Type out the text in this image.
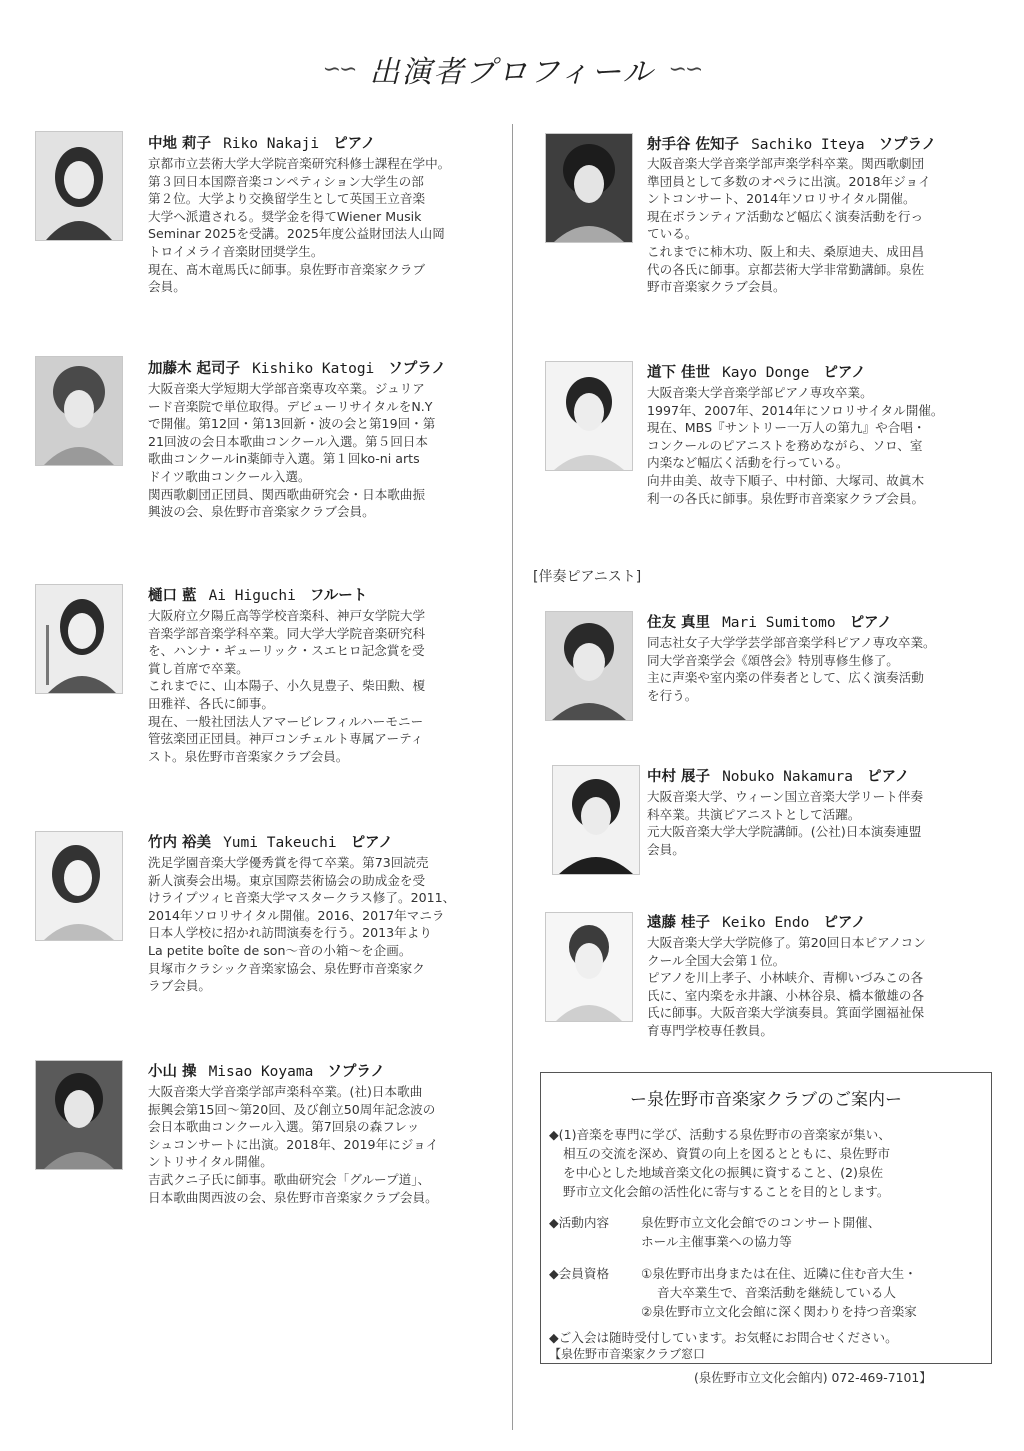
∽∽ 出演者プロフィール ∽∽
中地 莉子 Riko Nakaji ピアノ
京都市立芸術大学大学院音楽研究科修士課程在学中。
第３回日本国際音楽コンペティション大学生の部
第２位。大学より交換留学生として英国王立音楽
大学へ派遣される。奨学金を得てWiener Musik
Seminar 2025を受講。2025年度公益財団法人山岡
トロイメライ音楽財団奨学生。
現在、髙木竜馬氏に師事。泉佐野市音楽家クラブ
会員。
加藤木 起司子 Kishiko Katogi ソプラノ
大阪音楽大学短期大学部音楽専攻卒業。ジュリア
ード音楽院で単位取得。デビューリサイタルをN.Y
で開催。第12回・第13回新・波の会と第19回・第
21回波の会日本歌曲コンクール入選。第５回日本
歌曲コンクールin薬師寺入選。第１回ko-ni arts
ドイツ歌曲コンクール入選。
関西歌劇団正団員、関西歌曲研究会・日本歌曲振
興波の会、泉佐野市音楽家クラブ会員。
樋口 藍 Ai Higuchi フルート
大阪府立夕陽丘高等学校音楽科、神戸女学院大学
音楽学部音楽学科卒業。同大学大学院音楽研究科
を、ハンナ・ギューリック・スエヒロ記念賞を受
賞し首席で卒業。
これまでに、山本陽子、小久見豊子、柴田勲、榎
田雅祥、各氏に師事。
現在、一般社団法人アマービレフィルハーモニー
管弦楽団正団員。神戸コンチェルト専属アーティ
スト。泉佐野市音楽家クラブ会員。
竹内 裕美 Yumi Takeuchi ピアノ
洗足学園音楽大学優秀賞を得て卒業。第73回読売
新人演奏会出場。東京国際芸術協会の助成金を受
けライプツィヒ音楽大学マスタークラス修了。2011、
2014年ソロリサイタル開催。2016、2017年マニラ
日本人学校に招かれ訪問演奏を行う。2013年より
La petite boîte de son〜音の小箱〜を企画。
貝塚市クラシック音楽家協会、泉佐野市音楽家ク
ラブ会員。
小山 操 Misao Koyama ソプラノ
大阪音楽大学音楽学部声楽科卒業。(社)日本歌曲
振興会第15回〜第20回、及び創立50周年記念波の
会日本歌曲コンクール入選。第7回泉の森フレッ
シュコンサートに出演。2018年、2019年にジョイ
ントリサイタル開催。
吉武クニ子氏に師事。歌曲研究会「グループ道」、
日本歌曲関西波の会、泉佐野市音楽家クラブ会員。
射手谷 佐知子 Sachiko Iteya ソプラノ
大阪音楽大学音楽学部声楽学科卒業。関西歌劇団
準団員として多数のオペラに出演。2018年ジョイ
ントコンサート、2014年ソロリサイタル開催。
現在ボランティア活動など幅広く演奏活動を行っ
ている。
これまでに柿木功、阪上和夫、桑原迪夫、成田昌
代の各氏に師事。京都芸術大学非常勤講師。泉佐
野市音楽家クラブ会員。
道下 佳世 Kayo Donge ピアノ
大阪音楽大学音楽学部ピアノ専攻卒業。
1997年、2007年、2014年にソロリサイタル開催。
現在、MBS『サントリー一万人の第九』や合唱・
コンクールのピアニストを務めながら、ソロ、室
内楽など幅広く活動を行っている。
向井由美、故寺下順子、中村節、大塚司、故眞木
利一の各氏に師事。泉佐野市音楽家クラブ会員。
[伴奏ピアニスト]
住友 真里 Mari Sumitomo ピアノ
同志社女子大学学芸学部音楽学科ピアノ専攻卒業。
同大学音楽学会《頌啓会》特別専修生修了。
主に声楽や室内楽の伴奏者として、広く演奏活動
を行う。
中村 展子 Nobuko Nakamura ピアノ
大阪音楽大学、ウィーン国立音楽大学リート伴奏
科卒業。共演ピアニストとして活躍。
元大阪音楽大学大学院講師。(公社)日本演奏連盟
会員。
遠藤 桂子 Keiko Endo ピアノ
大阪音楽大学大学院修了。第20回日本ピアノコン
クール全国大会第１位。
ピアノを川上孝子、小林峡介、青柳いづみこの各
氏に、室内楽を永井譲、小林谷泉、橋本徹雄の各
氏に師事。大阪音楽大学演奏員。箕面学園福祉保
育専門学校専任教員。
ー泉佐野市音楽家クラブのご案内ー
◆(1)音楽を専門に学び、活動する泉佐野市の音楽家が集い、
相互の交流を深め、資質の向上を図るとともに、泉佐野市
を中心とした地域音楽文化の振興に資すること、(2)泉佐
野市立文化会館の活性化に寄与することを目的とします。
◆活動内容	泉佐野市立文化会館でのコンサート開催、
ホール主催事業への協力等
◆会員資格	①泉佐野市出身または在住、近隣に住む音大生・
音大卒業生で、音楽活動を継続している人
②泉佐野市立文化会館に深く関わりを持つ音楽家
◆ご入会は随時受付しています。お気軽にお問合せください。
【泉佐野市音楽家クラブ窓口
(泉佐野市立文化会館内) 072-469-7101】
